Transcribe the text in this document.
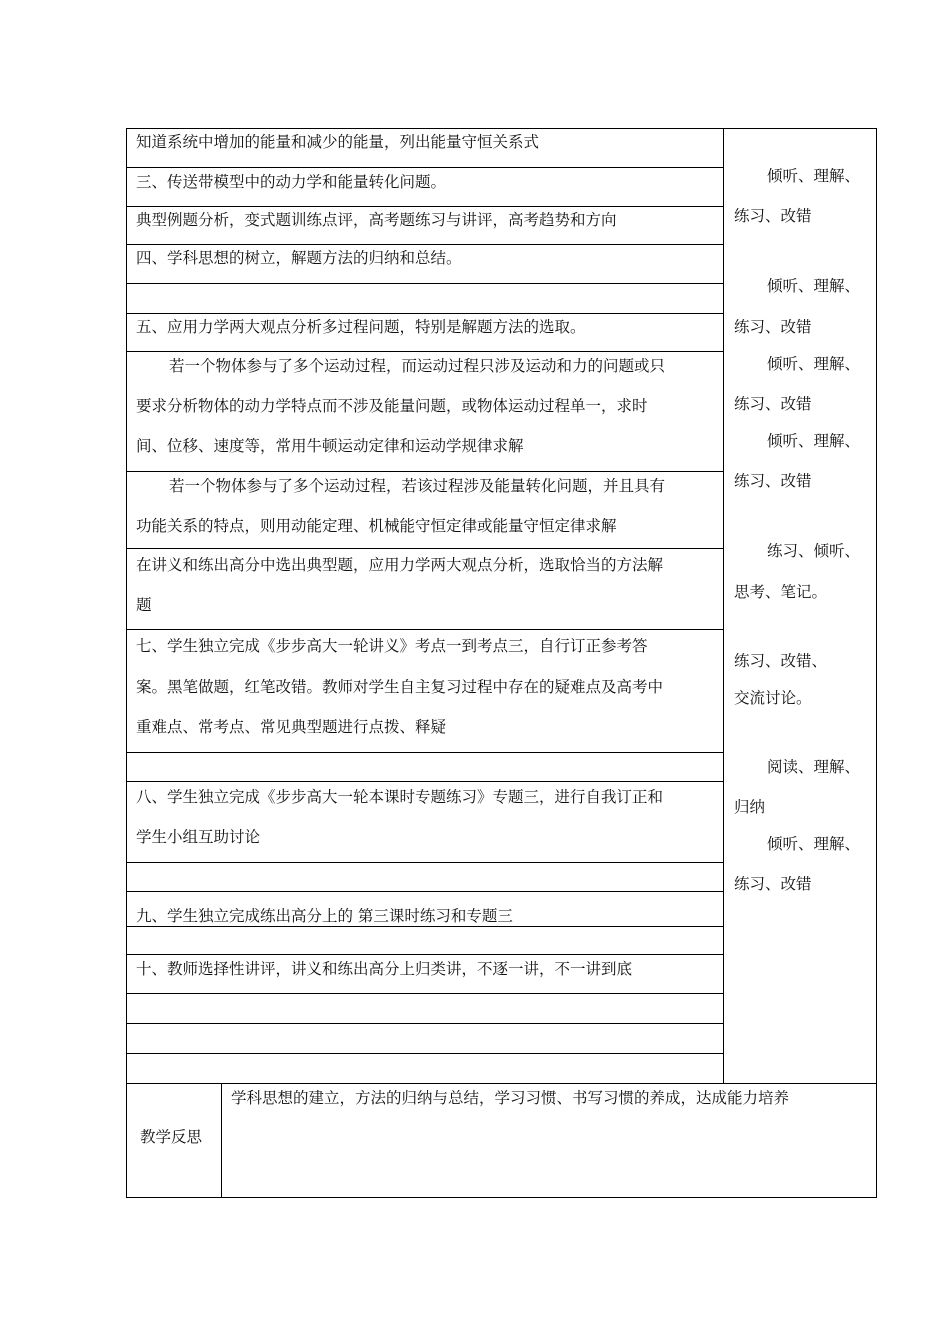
知道系统中增加的能量和减少的能量，列出能量守恒关系式
三、传送带模型中的动力学和能量转化问题。
典型例题分析，变式题训练点评，高考题练习与讲评，高考趋势和方向
四、学科思想的树立，解题方法的归纳和总结。
五、应用力学两大观点分析多过程问题，特别是解题方法的选取。
若一个物体参与了多个运动过程，而运动过程只涉及运动和力的问题或只
要求分析物体的动力学特点而不涉及能量问题，或物体运动过程单一，求时
间、位移、速度等，常用牛顿运动定律和运动学规律求解
若一个物体参与了多个运动过程，若该过程涉及能量转化问题，并且具有
功能关系的特点，则用动能定理、机械能守恒定律或能量守恒定律求解
在讲义和练出高分中选出典型题，应用力学两大观点分析，选取恰当的方法解
题
七、学生独立完成《步步高大一轮讲义》考点一到考点三，自行订正参考答
案。黑笔做题，红笔改错。教师对学生自主复习过程中存在的疑难点及高考中
重难点、常考点、常见典型题进行点拨、释疑
八、学生独立完成《步步高大一轮本课时专题练习》专题三，进行自我订正和
学生小组互助讨论
九、学生独立完成练出高分上的 第三课时练习和专题三
十、教师选择性讲评，讲义和练出高分上归类讲，不逐一讲，不一讲到底
倾听、理解、
练习、改错
倾听、理解、
练习、改错
倾听、理解、
练习、改错
倾听、理解、
练习、改错
练习、倾听、
思考、笔记。
练习、改错、
交流讨论。
阅读、理解、
归纳
倾听、理解、
练习、改错
教学反思
学科思想的建立，方法的归纳与总结，学习习惯、书写习惯的养成，达成能力培养
